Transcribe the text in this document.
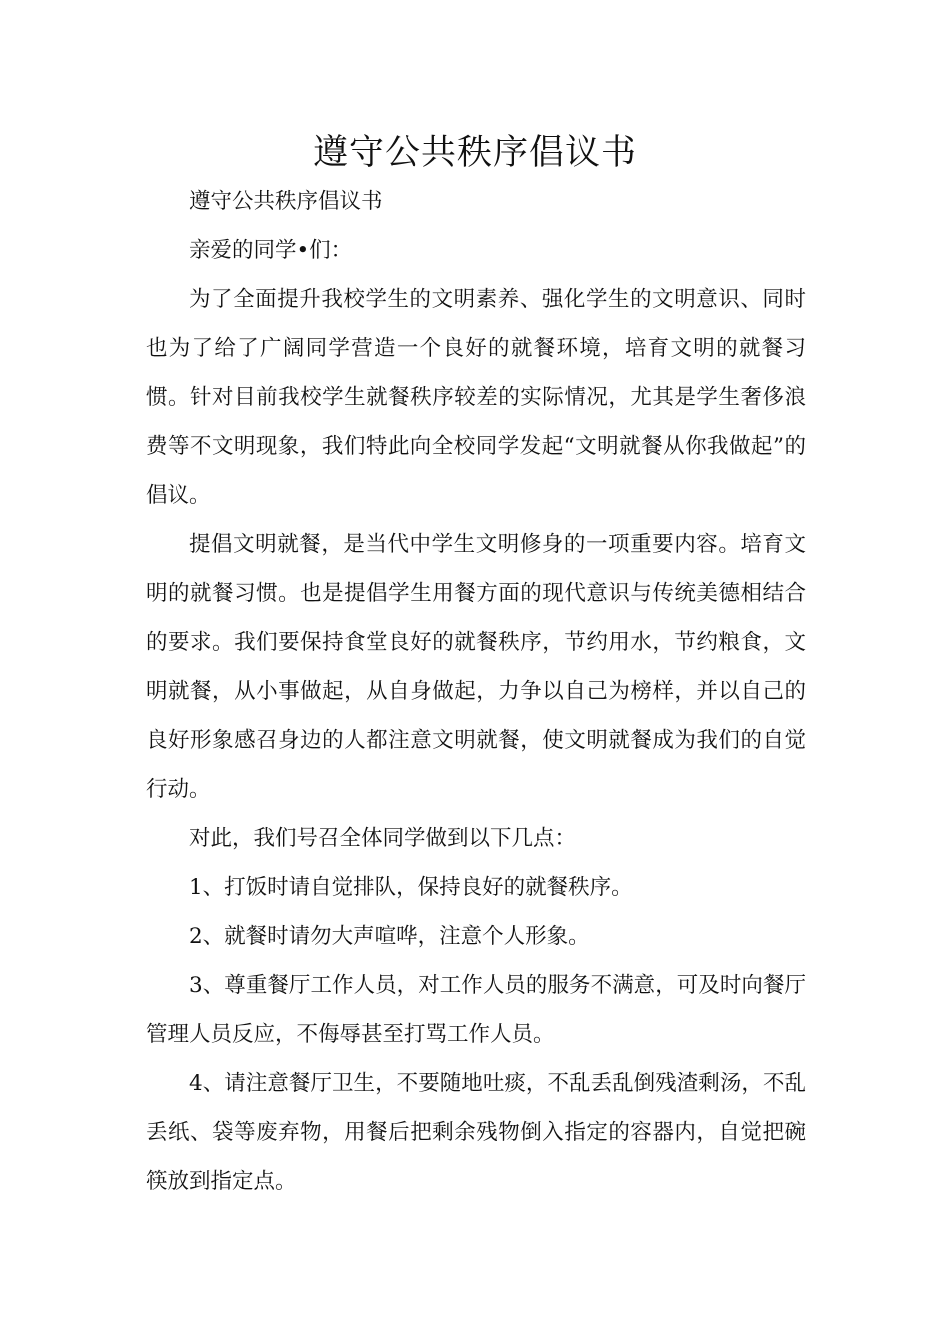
遵守公共秩序倡议书

遵守公共秩序倡议书

亲爱的同学•们：

为了全面提升我校学生的文明素养、强化学生的文明意识、同时也为了给了广阔同学营造一个良好的就餐环境，培育文明的就餐习惯。针对目前我校学生就餐秩序较差的实际情况，尤其是学生奢侈浪费等不文明现象，我们特此向全校同学发起“文明就餐从你我做起”的倡议。

提倡文明就餐，是当代中学生文明修身的一项重要内容。培育文明的就餐习惯。也是提倡学生用餐方面的现代意识与传统美德相结合的要求。我们要保持食堂良好的就餐秩序，节约用水，节约粮食，文明就餐，从小事做起，从自身做起，力争以自己为榜样，并以自己的良好形象感召身边的人都注意文明就餐，使文明就餐成为我们的自觉行动。

对此，我们号召全体同学做到以下几点：

1、打饭时请自觉排队，保持良好的就餐秩序。

2、就餐时请勿大声喧哗，注意个人形象。

3、尊重餐厅工作人员，对工作人员的服务不满意，可及时向餐厅管理人员反应，不侮辱甚至打骂工作人员。

4、请注意餐厅卫生，不要随地吐痰，不乱丢乱倒残渣剩汤，不乱丢纸、袋等废弃物，用餐后把剩余残物倒入指定的容器内，自觉把碗筷放到指定点。
